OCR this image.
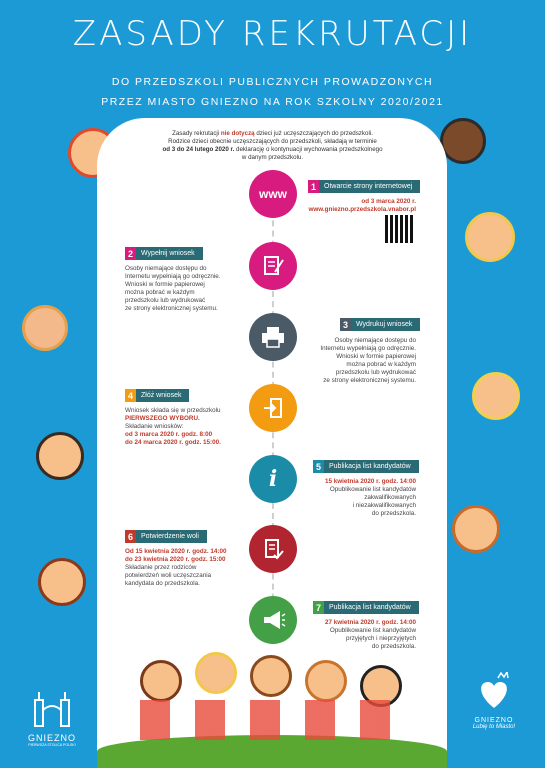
ZASADY REKRUTACJI
DO PRZEDSZKOLI PUBLICZNYCH PROWADZONYCH
PRZEZ MIASTO GNIEZNO NA ROK SZKOLNY 2020/2021
Zasady rekrutacji nie dotyczą dzieci już uczęszczających do przedszkoli.
Rodzice dzieci obecnie uczęszczających do przedszkoli, składają w terminie
od 3 do 24 lutego 2020 r. deklarację o kontynuacji wychowania przedszkolnego
w danym przedszkolu.
www
1	Otwarcie strony internetowej
od 3 marca 2020 r.
www.gniezno.przedszkola.vnabor.pl
2	Wypełnij wniosek
Osoby niemające dostępu do
Internetu wypełniają go odręcznie.
Wnioski w formie papierowej
można pobrać w każdym
przedszkolu lub wydrukować
ze strony elektronicznej systemu.
3	Wydrukuj wniosek
Osoby niemające dostępu do
Internetu wypełniają go odręcznie.
Wnioski w formie papierowej
można pobrać w każdym
przedszkolu lub wydrukować
ze strony elektronicznej systemu.
4	Złóż wniosek
Wniosek składa się w przedszkolu
PIERWSZEGO WYBORU.
Składanie wniosków:
od 3 marca 2020 r. godz. 8:00
do 24 marca 2020 r. godz. 15:00.
i	5	Publikacja list kandydatów
15 kwietnia 2020 r. godz. 14:00
Opublikowanie list kandydatów
zakwalifikowanych
i niezakwalifikowanych
do przedszkola.
6	Potwierdzenie woli
Od 15 kwietnia 2020 r. godz. 14:00
do 23 kwietnia 2020 r. godz. 15:00
Składanie przez rodziców
potwierdzeń woli uczęszczania
kandydata do przedszkola.
7	Publikacja list kandydatów
27 kwietnia 2020 r. godz. 14:00
Opublikowanie list kandydatów
przyjętych i nieprzyjętych
do przedszkola.
GNIEZNO
PIERWSZA STOLICA POLSKI
GNIEZNO
Lubię to Miasto!
